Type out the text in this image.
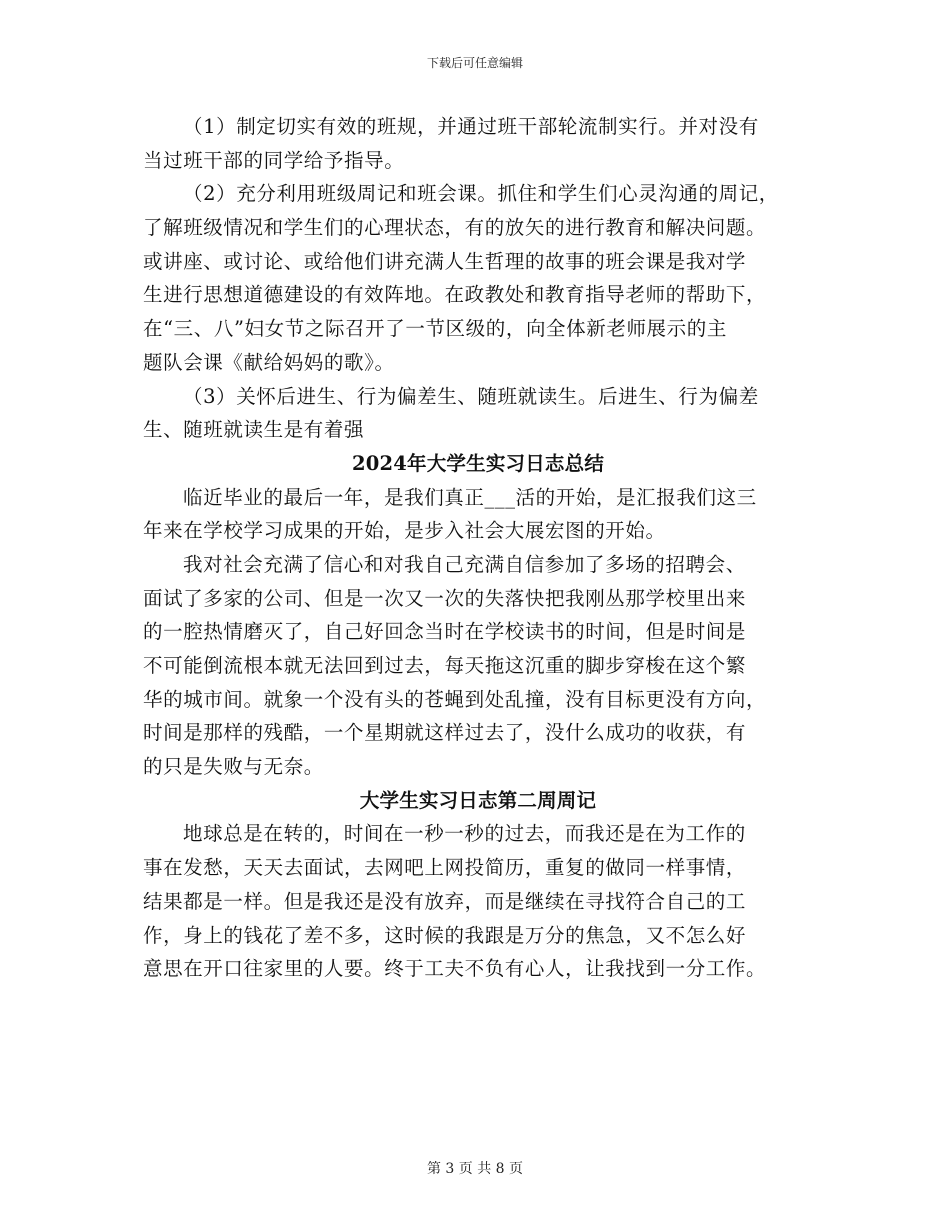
下载后可任意编辑
（1）制定切实有效的班规，并通过班干部轮流制实行。并对没有
当过班干部的同学给予指导。
（2）充分利用班级周记和班会课。抓住和学生们心灵沟通的周记，
了解班级情况和学生们的心理状态，有的放矢的进行教育和解决问题。
或讲座、或讨论、或给他们讲充满人生哲理的故事的班会课是我对学
生进行思想道德建设的有效阵地。在政教处和教育指导老师的帮助下，
在“三、八”妇女节之际召开了一节区级的，向全体新老师展示的主
题队会课《献给妈妈的歌》。
（3）关怀后进生、行为偏差生、随班就读生。后进生、行为偏差
生、随班就读生是有着强
2024年大学生实习日志总结
临近毕业的最后一年，是我们真正___活的开始，是汇报我们这三
年来在学校学习成果的开始，是步入社会大展宏图的开始。
我对社会充满了信心和对我自己充满自信参加了多场的招聘会、
面试了多家的公司、但是一次又一次的失落快把我刚丛那学校里出来
的一腔热情磨灭了，自己好回念当时在学校读书的时间，但是时间是
不可能倒流根本就无法回到过去，每天拖这沉重的脚步穿梭在这个繁
华的城市间。就象一个没有头的苍蝇到处乱撞，没有目标更没有方向，
时间是那样的残酷，一个星期就这样过去了，没什么成功的收获，有
的只是失败与无奈。
大学生实习日志第二周周记
地球总是在转的，时间在一秒一秒的过去，而我还是在为工作的
事在发愁，天天去面试，去网吧上网投简历，重复的做同一样事情，
结果都是一样。但是我还是没有放弃，而是继续在寻找符合自己的工
作，身上的钱花了差不多，这时候的我跟是万分的焦急，又不怎么好
意思在开口往家里的人要。终于工夫不负有心人，让我找到一分工作。
第 3 页 共 8 页
